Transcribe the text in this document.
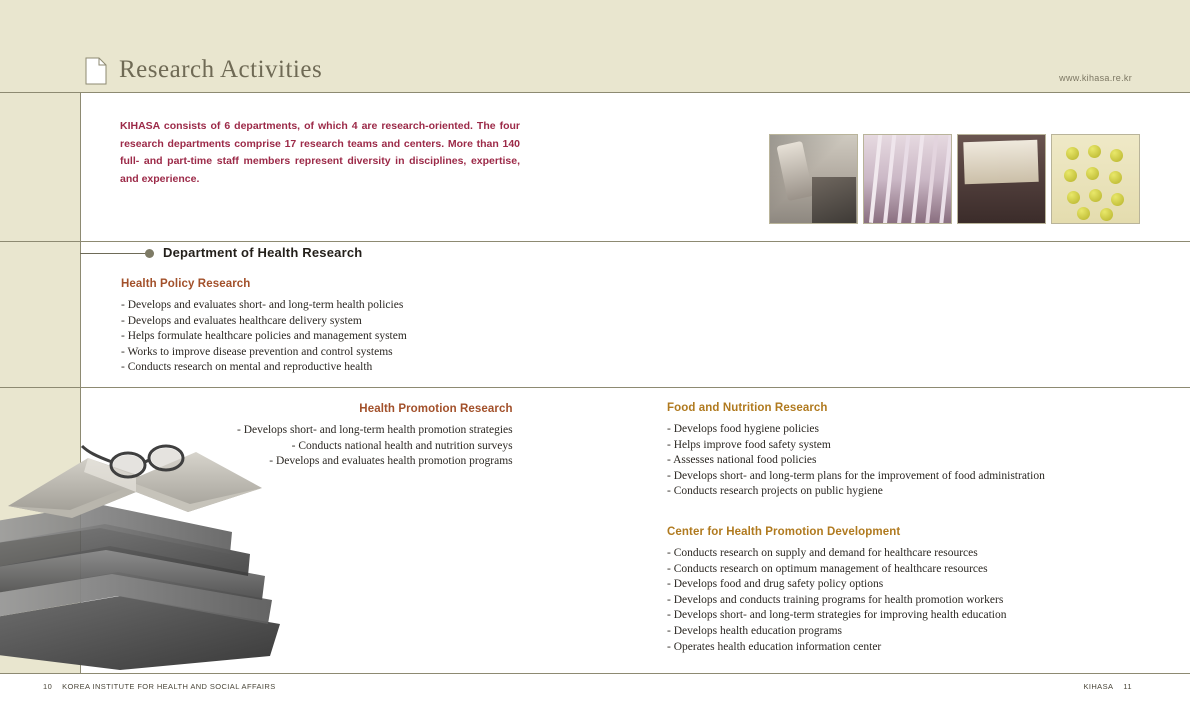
Research Activities	www.kihasa.re.kr
KIHASA consists of 6 departments, of which 4 are research-oriented. The four research departments comprise 17 research teams and centers. More than 140 full- and part-time staff members represent diversity in disciplines, expertise, and experience.
Department of Health Research
Health Policy Research
- Develops and evaluates short- and long-term health policies
- Develops and evaluates healthcare delivery system
- Helps formulate healthcare policies and management system
- Works to improve disease prevention and control systems
- Conducts research on mental and reproductive health
Health Promotion Research
- Develops short- and long-term health promotion strategies
- Conducts national health and nutrition surveys
- Develops and evaluates health promotion programs
Food and Nutrition Research
- Develops food hygiene policies
- Helps improve food safety system
- Assesses national food policies
- Develops short- and long-term plans for the improvement of food administration
- Conducts research projects on public hygiene
Center for Health Promotion Development
- Conducts research on supply and demand for healthcare resources
- Conducts research on optimum management of healthcare resources
- Develops food and drug safety policy options
- Develops and conducts training programs for health promotion workers
- Develops short- and long-term strategies for improving health education
- Develops health education programs
- Operates health education information center
10 KOREA INSTITUTE FOR HEALTH AND SOCIAL AFFAIRS	KIHASA 11
